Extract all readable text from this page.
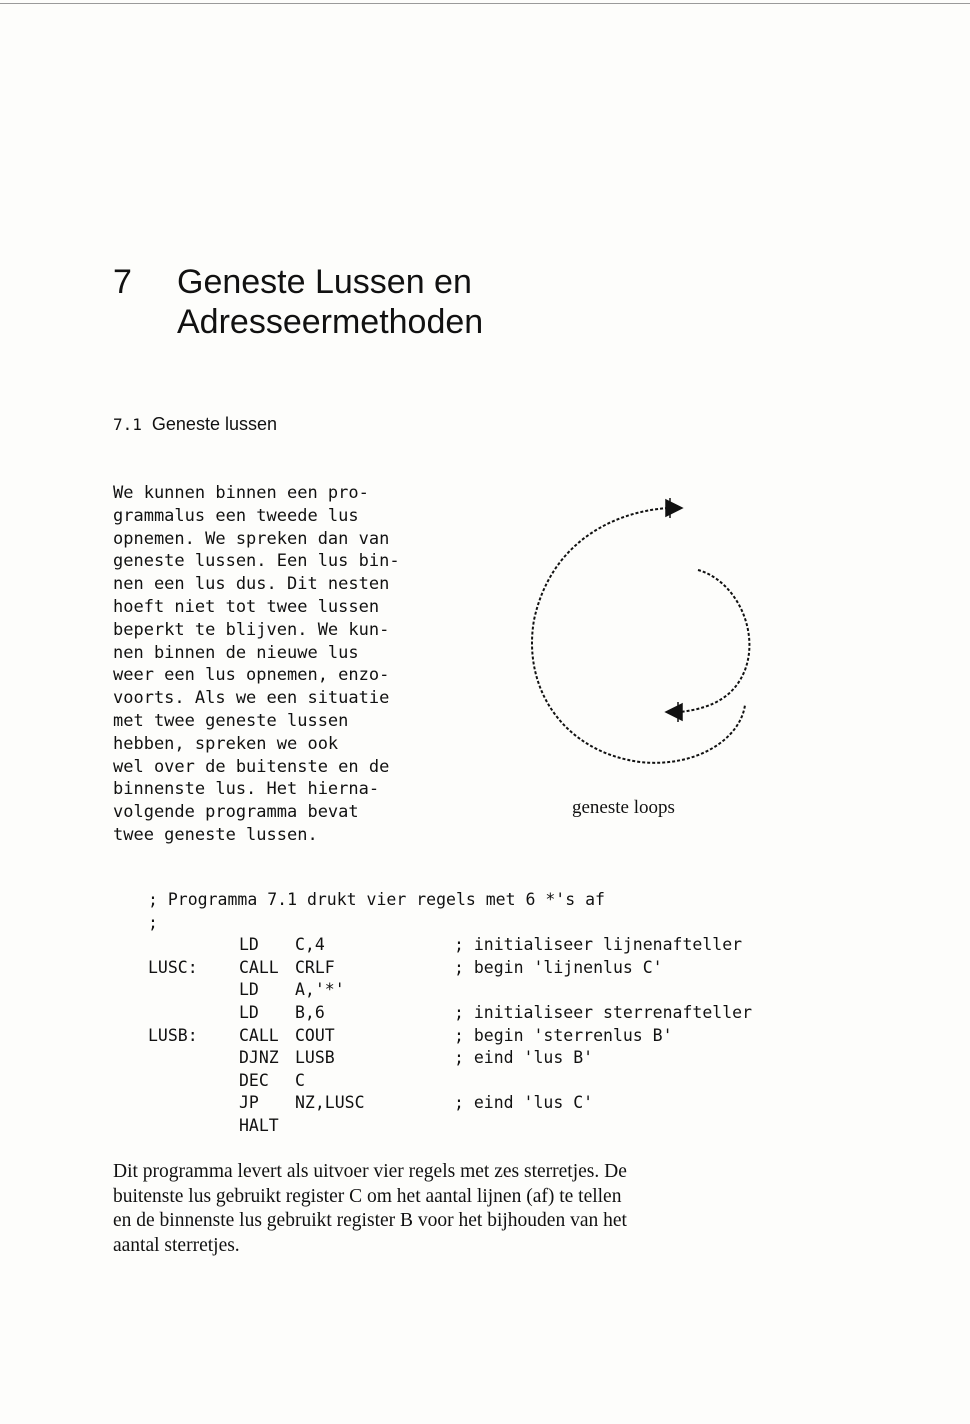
7 Geneste Lussen en
Adresseermethoden
7.1 Geneste lussen
We kunnen binnen een pro-
grammalus een tweede lus
opnemen. We spreken dan van
geneste lussen. Een lus bin-
nen een lus dus. Dit nesten
hoeft niet tot twee lussen
beperkt te blijven. We kun-
nen binnen de nieuwe lus
weer een lus opnemen, enzo-
voorts. Als we een situatie
met twee geneste lussen
hebben, spreken we ook
wel over de buitenste en de
binnenste lus. Het hierna-
volgende programma bevat
twee geneste lussen.
geneste loops
; Programma 7.1 drukt vier regels met 6 *'s af
;
LD C,4	; initialiseer lijnenafteller
LUSC:	CALL CRLF	; begin 'lijnenlus C'
LD A,'*'
LD B,6	; initialiseer sterrenafteller
LUSB:	CALL COUT	; begin 'sterrenlus B'
DJNZ LUSB	; eind 'lus B'
DEC C
JP NZ,LUSC	; eind 'lus C'
HALT
Dit programma levert als uitvoer vier regels met zes sterretjes. De
buitenste lus gebruikt register C om het aantal lijnen (af) te tellen
en de binnenste lus gebruikt register B voor het bijhouden van het
aantal sterretjes.
